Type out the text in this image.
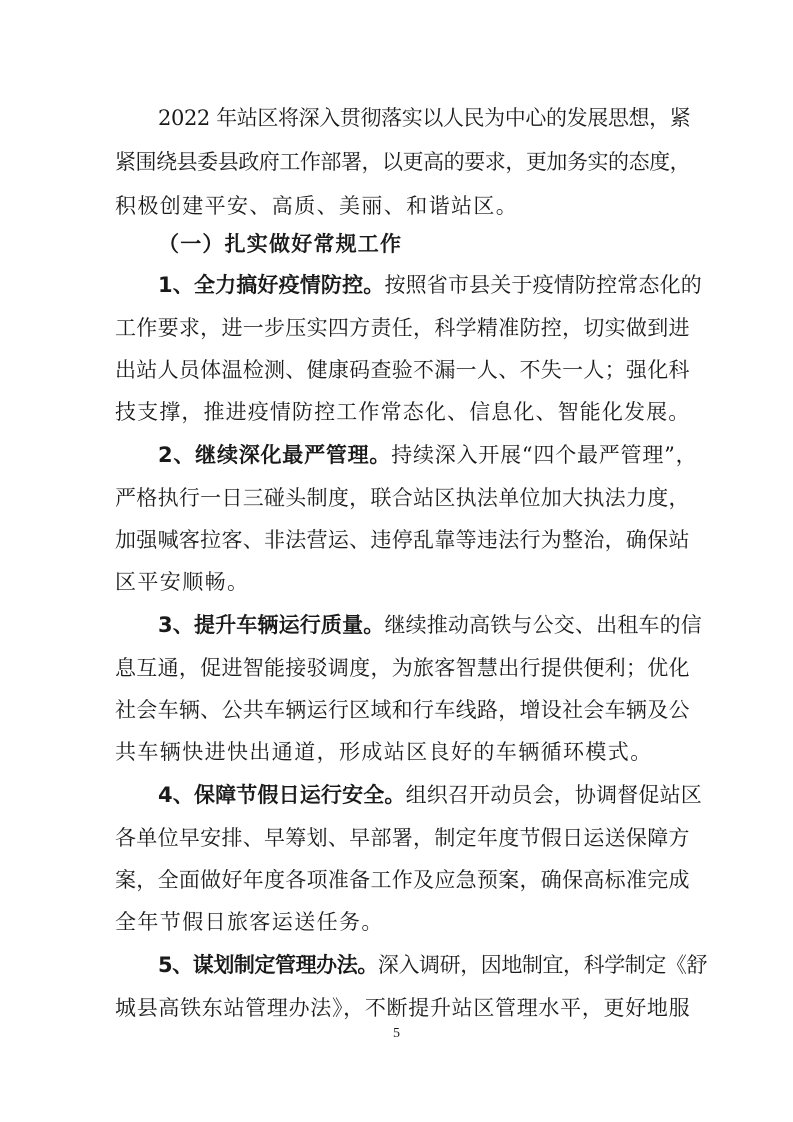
2022 年站区将深入贯彻落实以人民为中心的发展思想，紧
紧围绕县委县政府工作部署，以更高的要求，更加务实的态度，
积极创建平安、高质、美丽、和谐站区。
（一）扎实做好常规工作
1、全力搞好疫情防控。按照省市县关于疫情防控常态化的
工作要求，进一步压实四方责任，科学精准防控，切实做到进
出站人员体温检测、健康码查验不漏一人、不失一人；强化科
技支撑，推进疫情防控工作常态化、信息化、智能化发展。
2、继续深化最严管理。持续深入开展“四个最严管理”，
严格执行一日三碰头制度，联合站区执法单位加大执法力度，
加强喊客拉客、非法营运、违停乱靠等违法行为整治，确保站
区平安顺畅。
3、提升车辆运行质量。继续推动高铁与公交、出租车的信
息互通，促进智能接驳调度，为旅客智慧出行提供便利；优化
社会车辆、公共车辆运行区域和行车线路，增设社会车辆及公
共车辆快进快出通道，形成站区良好的车辆循环模式。
4、保障节假日运行安全。组织召开动员会，协调督促站区
各单位早安排、早筹划、早部署，制定年度节假日运送保障方
案，全面做好年度各项准备工作及应急预案，确保高标准完成
全年节假日旅客运送任务。
5、谋划制定管理办法。深入调研，因地制宜，科学制定《舒
城县高铁东站管理办法》，不断提升站区管理水平，更好地服
5
